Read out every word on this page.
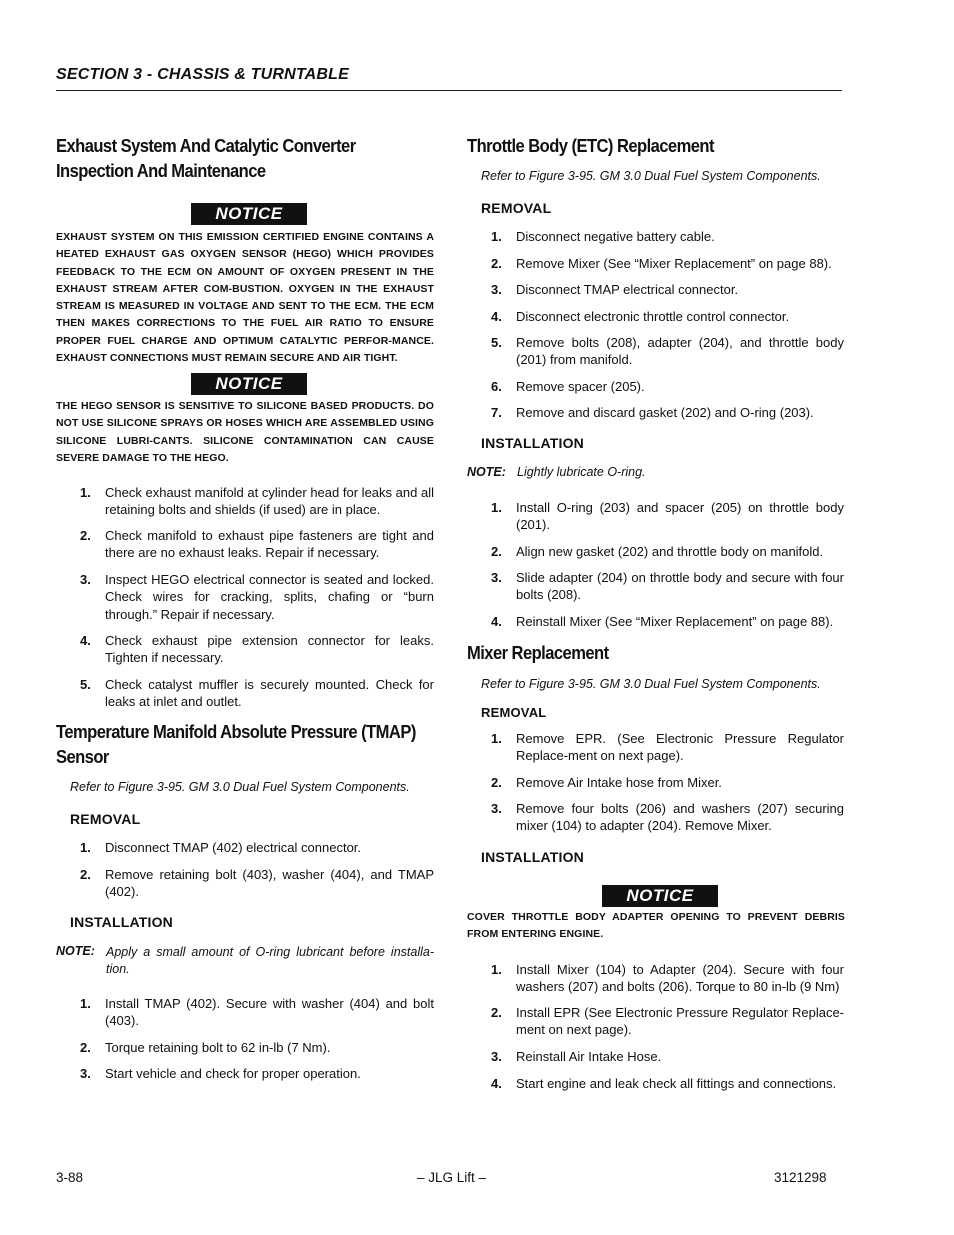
SECTION 3 - CHASSIS & TURNTABLE
Exhaust System And Catalytic Converter Inspection And Maintenance
NOTICE
EXHAUST SYSTEM ON THIS EMISSION CERTIFIED ENGINE CONTAINS A HEATED EXHAUST GAS OXYGEN SENSOR (HEGO) WHICH PROVIDES FEEDBACK TO THE ECM ON AMOUNT OF OXYGEN PRESENT IN THE EXHAUST STREAM AFTER COM-BUSTION. OXYGEN IN THE EXHAUST STREAM IS MEASURED IN VOLTAGE AND SENT TO THE ECM. THE ECM THEN MAKES CORRECTIONS TO THE FUEL AIR RATIO TO ENSURE PROPER FUEL CHARGE AND OPTIMUM CATALYTIC PERFOR-MANCE. EXHAUST CONNECTIONS MUST REMAIN SECURE AND AIR TIGHT.
NOTICE
THE HEGO SENSOR IS SENSITIVE TO SILICONE BASED PRODUCTS. DO NOT USE SILICONE SPRAYS OR HOSES WHICH ARE ASSEMBLED USING SILICONE LUBRI-CANTS. SILICONE CONTAMINATION CAN CAUSE SEVERE DAMAGE TO THE HEGO.
1. Check exhaust manifold at cylinder head for leaks and all retaining bolts and shields (if used) are in place.
2. Check manifold to exhaust pipe fasteners are tight and there are no exhaust leaks. Repair if necessary.
3. Inspect HEGO electrical connector is seated and locked. Check wires for cracking, splits, chafing or “burn through.” Repair if necessary.
4. Check exhaust pipe extension connector for leaks. Tighten if necessary.
5. Check catalyst muffler is securely mounted. Check for leaks at inlet and outlet.
Temperature Manifold Absolute Pressure (TMAP) Sensor
Refer to Figure 3-95. GM 3.0 Dual Fuel System Components.
REMOVAL
1. Disconnect TMAP (402) electrical connector.
2. Remove retaining bolt (403), washer (404), and TMAP (402).
INSTALLATION
NOTE: Apply a small amount of O-ring lubricant before installa-tion.
1. Install TMAP (402). Secure with washer (404) and bolt (403).
2. Torque retaining bolt to 62 in-lb (7 Nm).
3. Start vehicle and check for proper operation.
Throttle Body (ETC) Replacement
Refer to Figure 3-95. GM 3.0 Dual Fuel System Components.
REMOVAL
1. Disconnect negative battery cable.
2. Remove Mixer (See “Mixer Replacement” on page 88).
3. Disconnect TMAP electrical connector.
4. Disconnect electronic throttle control connector.
5. Remove bolts (208), adapter (204), and throttle body (201) from manifold.
6. Remove spacer (205).
7. Remove and discard gasket (202) and O-ring (203).
INSTALLATION
NOTE: Lightly lubricate O-ring.
1. Install O-ring (203) and spacer (205) on throttle body (201).
2. Align new gasket (202) and throttle body on manifold.
3. Slide adapter (204) on throttle body and secure with four bolts (208).
4. Reinstall Mixer (See “Mixer Replacement” on page 88).
Mixer Replacement
Refer to Figure 3-95. GM 3.0 Dual Fuel System Components.
REMOVAL
1. Remove EPR. (See Electronic Pressure Regulator Replace-ment on next page).
2. Remove Air Intake hose from Mixer.
3. Remove four bolts (206) and washers (207) securing mixer (104) to adapter (204). Remove Mixer.
INSTALLATION
NOTICE
COVER THROTTLE BODY ADAPTER OPENING TO PREVENT DEBRIS FROM ENTERING ENGINE.
1. Install Mixer (104) to Adapter (204). Secure with four washers (207) and bolts (206). Torque to 80 in-lb (9 Nm)
2. Install EPR (See Electronic Pressure Regulator Replace-ment on next page).
3. Reinstall Air Intake Hose.
4. Start engine and leak check all fittings and connections.
3-88	– JLG Lift –	3121298
